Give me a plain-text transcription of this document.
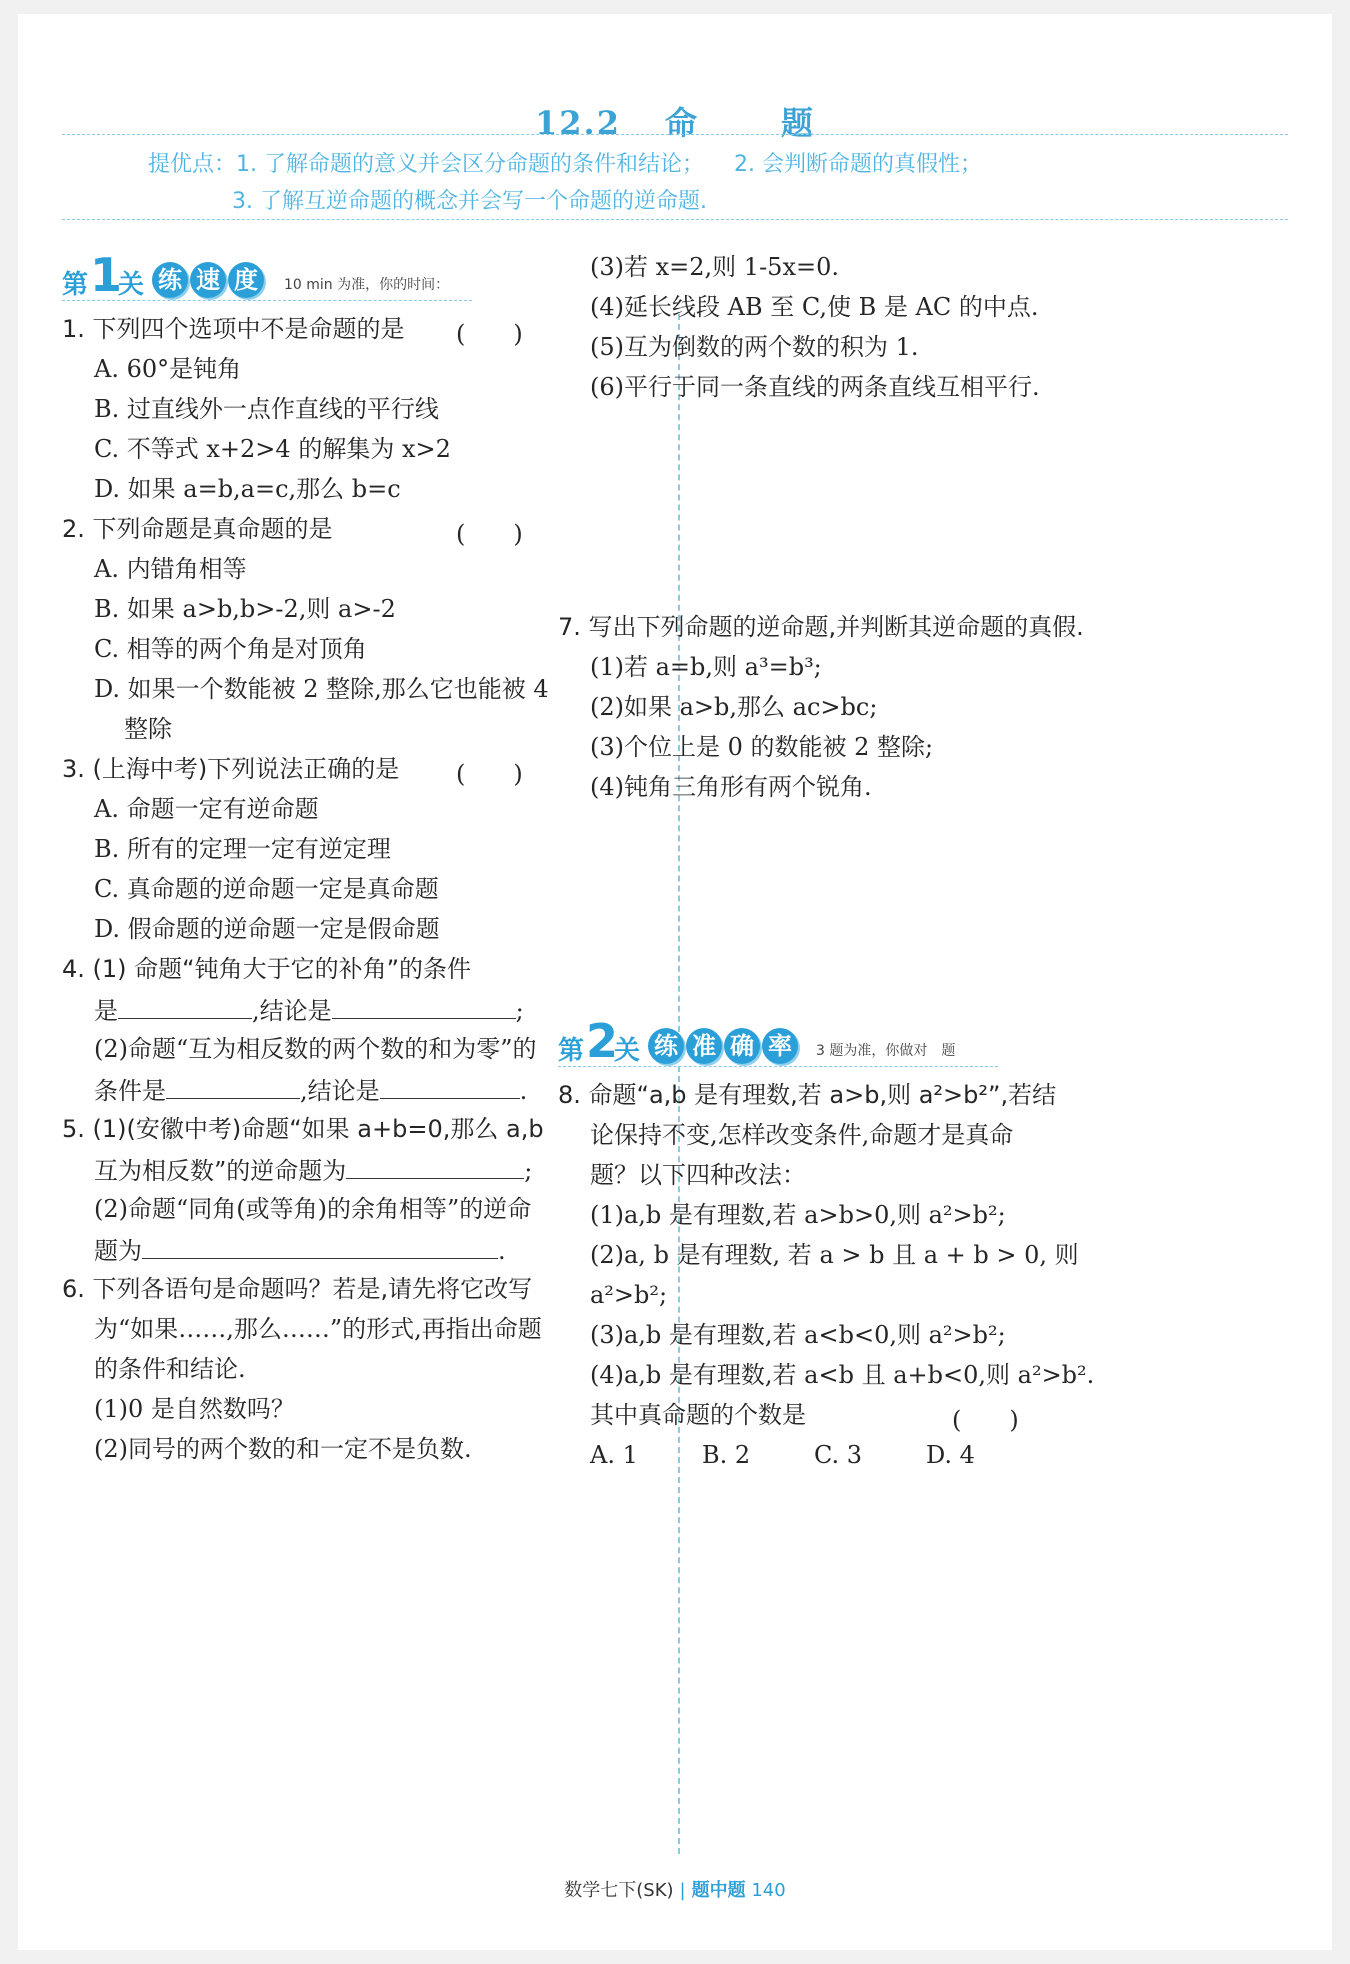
12.2 命	题
提优点：1. 了解命题的意义并会区分命题的条件和结论； 2. 会判断命题的真假性；
3. 了解互逆命题的概念并会写一个命题的逆命题.
第 1
关 练 速 度	10 min 为准，你的时间：
1. 下列四个选项中不是命题的是 (　　)
A. 60°是钝角
B. 过直线外一点作直线的平行线
C. 不等式 x+2>4 的解集为 x>2
D. 如果 a=b,a=c,那么 b=c
2. 下列命题是真命题的是	(　　)
A. 内错角相等
B. 如果 a>b,b>-2,则 a>-2
C. 相等的两个角是对顶角
D. 如果一个数能被 2 整除,那么它也能被 4
整除
3. (上海中考)下列说法正确的是 (　　)
A. 命题一定有逆命题
B. 所有的定理一定有逆定理
C. 真命题的逆命题一定是真命题
D. 假命题的逆命题一定是假命题
4. (1) 命题“钝角大于它的补角”的条件
是	,结论是	;
(2)命题“互为相反数的两个数的和为零”的
条件是	,结论是	.
5. (1)(安徽中考)命题“如果 a+b=0,那么 a,b
互为相反数”的逆命题为	;
(2)命题“同角(或等角)的余角相等”的逆命
题为	.
6. 下列各语句是命题吗？若是,请先将它改写
为“如果……,那么……”的形式,再指出命题
的条件和结论.
(1)0 是自然数吗？
(2)同号的两个数的和一定不是负数.
(3)若 x=2,则 1-5x=0.
(4)延长线段 AB 至 C,使 B 是 AC 的中点.
(5)互为倒数的两个数的积为 1.
(6)平行于同一条直线的两条直线互相平行.
7. 写出下列命题的逆命题,并判断其逆命题的真假.
(1)若 a=b,则 a³=b³;
(2)如果 a>b,那么 ac>bc;
(3)个位上是 0 的数能被 2 整除;
(4)钝角三角形有两个锐角.
第 2
关 练 准 确 率	3 题为准，你做对　题
8. 命题“a,b 是有理数,若 a>b,则 a²>b²”,若结
论保持不变,怎样改变条件,命题才是真命
题？以下四种改法：
(1)a,b 是有理数,若 a>b>0,则 a²>b²;
(2)a, b 是有理数, 若 a > b 且 a + b > 0, 则
a²>b²;
(3)a,b 是有理数,若 a<b<0,则 a²>b²;
(4)a,b 是有理数,若 a<b 且 a+b<0,则 a²>b².
其中真命题的个数是	(　　)
A. 1	B. 2	C. 3	D. 4
数学七下(SK) | 题中题 140
